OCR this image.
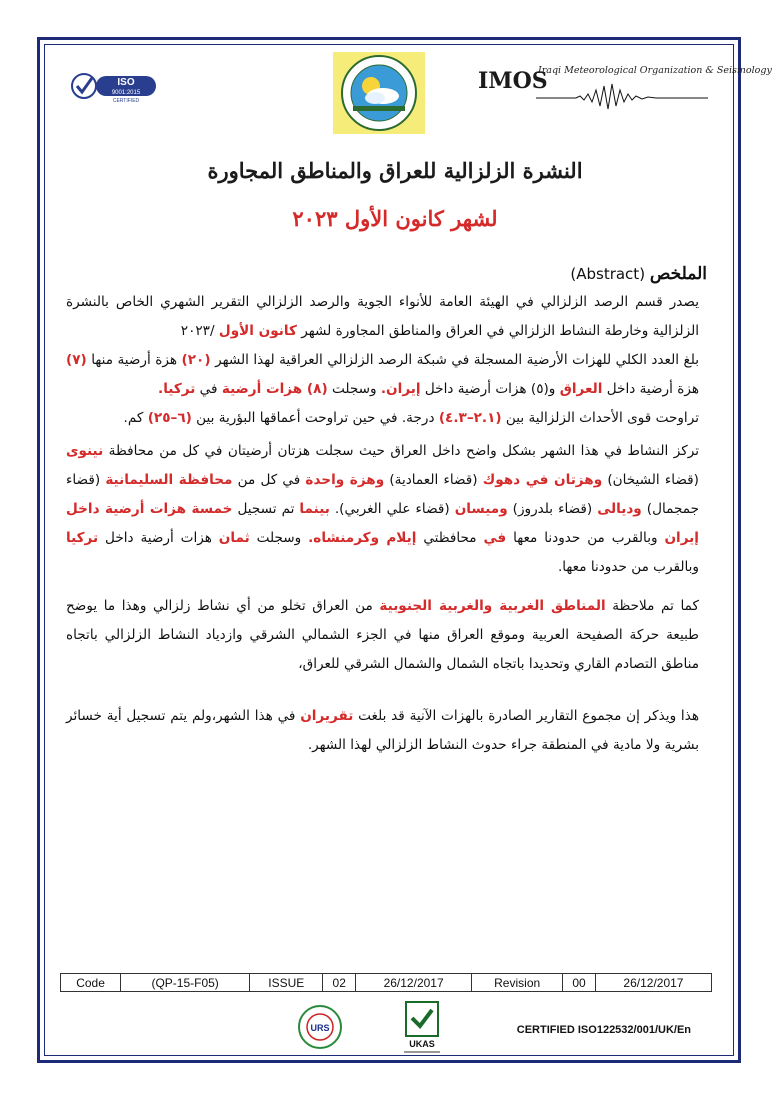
ISO
9001:2015
CERTIFIED
IMOS
Iraqi Meteorological Organization & Seismology
النشرة الزلزالية للعراق والمناطق المجاورة
لشهر كانون الأول ٢٠٢٣
الملخص (Abstract)

يصدر قسم الرصد الزلزالي في الهيئة العامة للأنواء الجوية والرصد الزلزالي التقرير الشهري الخاص بالنشرة الزلزالية وخارطة النشاط الزلزالي في العراق والمناطق المجاورة لشهر كانون الأول /٢٠٢٣

بلغ العدد الكلي للهزات الأرضية المسجلة في شبكة الرصد الزلزالي العراقية لهذا الشهر (٢٠) هزة أرضية منها (٧) هزة أرضية داخل العراق و(٥) هزات أرضية داخل إيران. وسجلت (٨) هزات أرضية في تركيا.

تراوحت قوى الأحداث الزلزالية بين (٢.١–٤.٣) درجة. في حين تراوحت أعماقها البؤرية بين (٦–٢٥) كم.

تركز النشاط في هذا الشهر بشكل واضح داخل العراق حيث سجلت هزتان أرضيتان في كل من محافظة نينوى (قضاء الشيخان) وهزتان في دهوك (قضاء العمادية) وهزة واحدة في كل من محافظة السليمانية (قضاء جمجمال) وديالى (قضاء بلدروز) وميسان (قضاء علي الغربي). بينما تم تسجيل خمسة هزات أرضية داخل إيران وبالقرب من حدودنا معها في محافظتي إيلام وكرمنشاه. وسجلت ثمان هزات أرضية داخل تركيا وبالقرب من حدودنا معها.

كما تم ملاحظة المناطق الغربية والغربية الجنوبية من العراق تخلو من أي نشاط زلزالي وهذا ما يوضح طبيعة حركة الصفيحة العربية وموقع العراق منها في الجزء الشمالي الشرقي وازدياد النشاط الزلزالي باتجاه مناطق التصادم القاري وتحديدا باتجاه الشمال والشمال الشرقي للعراق،

هذا ويذكر إن مجموع التقارير الصادرة بالهزات الآنية قد بلغت تقريران في هذا الشهر،ولم يتم تسجيل أية خسائر بشرية ولا مادية في المنطقة جراء حدوث النشاط الزلزالي لهذا الشهر.

Code	(QP-15-F05)	ISSUE	02	26/12/2017	Revision	00	26/12/2017
URS
UKAS
CERTIFIED ISO122532/001/UK/En
